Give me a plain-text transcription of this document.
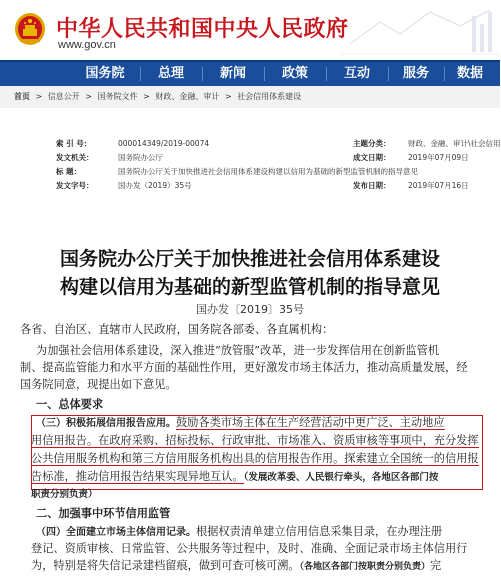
中华人民共和国中央人民政府
www.gov.cn
国务院	总理	新闻	政策	互动	服务	数据
首页 > 信息公开 > 国务院文件 > 财政、金融、审计 > 社会信用体系建设
索 引 号：	000014349/2019-00074	主题分类： 财政、金融、审计\社会信用
发文机关：	国务院办公厅	成文日期： 2019年07月09日
标 题：	国务院办公厅关于加快推进社会信用体系建设构建以信用为基础的新型监管机制的指导意见
发文字号：	国办发（2019）35号	发布日期： 2019年07月16日
国务院办公厅关于加快推进社会信用体系建设
构建以信用为基础的新型监管机制的指导意见
国办发〔2019〕35号
各省、自治区、直辖市人民政府，国务院各部委、各直属机构：
为加强社会信用体系建设，深入推进“放管服”改革，进一步发挥信用在创新监管机
制、提高监管能力和水平方面的基础性作用，更好激发市场主体活力，推动高质量发展，经
国务院同意，现提出如下意见。
一、总体要求
（三）积极拓展信用报告应用。鼓励各类市场主体在生产经营活动中更广泛、主动地应
用信用报告。在政府采购、招标投标、行政审批、市场准入、资质审核等事项中，充分发挥
公共信用服务机构和第三方信用服务机构出具的信用报告作用。探索建立全国统一的信用报
告标准，推动信用报告结果实现异地互认。（发展改革委、人民银行牵头，各地区各部门按
职责分别负责）
二、加强事中环节信用监管
（四）全面建立市场主体信用记录。根据权责清单建立信用信息采集目录，在办理注册
登记、资质审核、日常监管、公共服务等过程中，及时、准确、全面记录市场主体信用行
为，特别是将失信记录建档留痕，做到可查可核可溯。（各地区各部门按职责分别负责）完
